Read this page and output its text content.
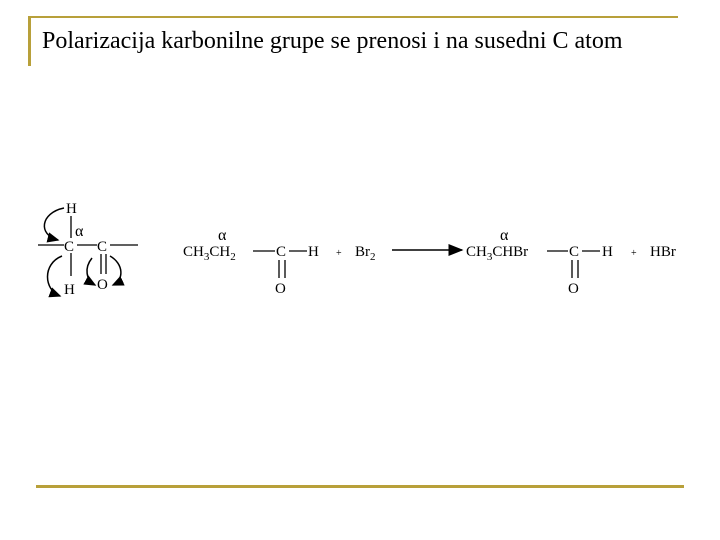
Polarizacija karbonilne grupe se prenosi i na susedni C atom
H
α
C C
H O
α
$CH_3CH_2$	C H
O
+ $Br_2$
α
$CH_3CHBr$	C H
O
+ HBr
